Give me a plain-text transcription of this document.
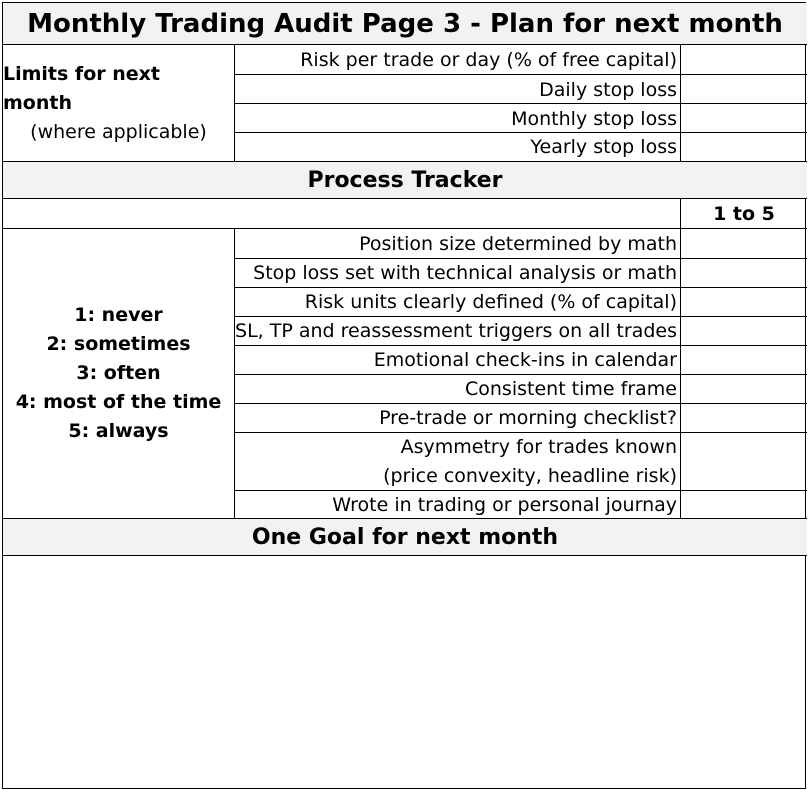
Monthly Trading Audit Page 3 - Plan for next month
Limits for next month
(where applicable)
Risk per trade or day (% of free capital)
Daily stop loss
Monthly stop loss
Yearly stop loss
Process Tracker
1 to 5
1: never
2: sometimes
3: often
4: most of the time
5: always
Position size determined by math
Stop loss set with technical analysis or math
Risk units clearly defined (% of capital)
SL, TP and reassessment triggers on all trades
Emotional check-ins in calendar
Consistent time frame
Pre-trade or morning checklist?
Asymmetry for trades known
(price convexity, headline risk)
Wrote in trading or personal journay
One Goal for next month
